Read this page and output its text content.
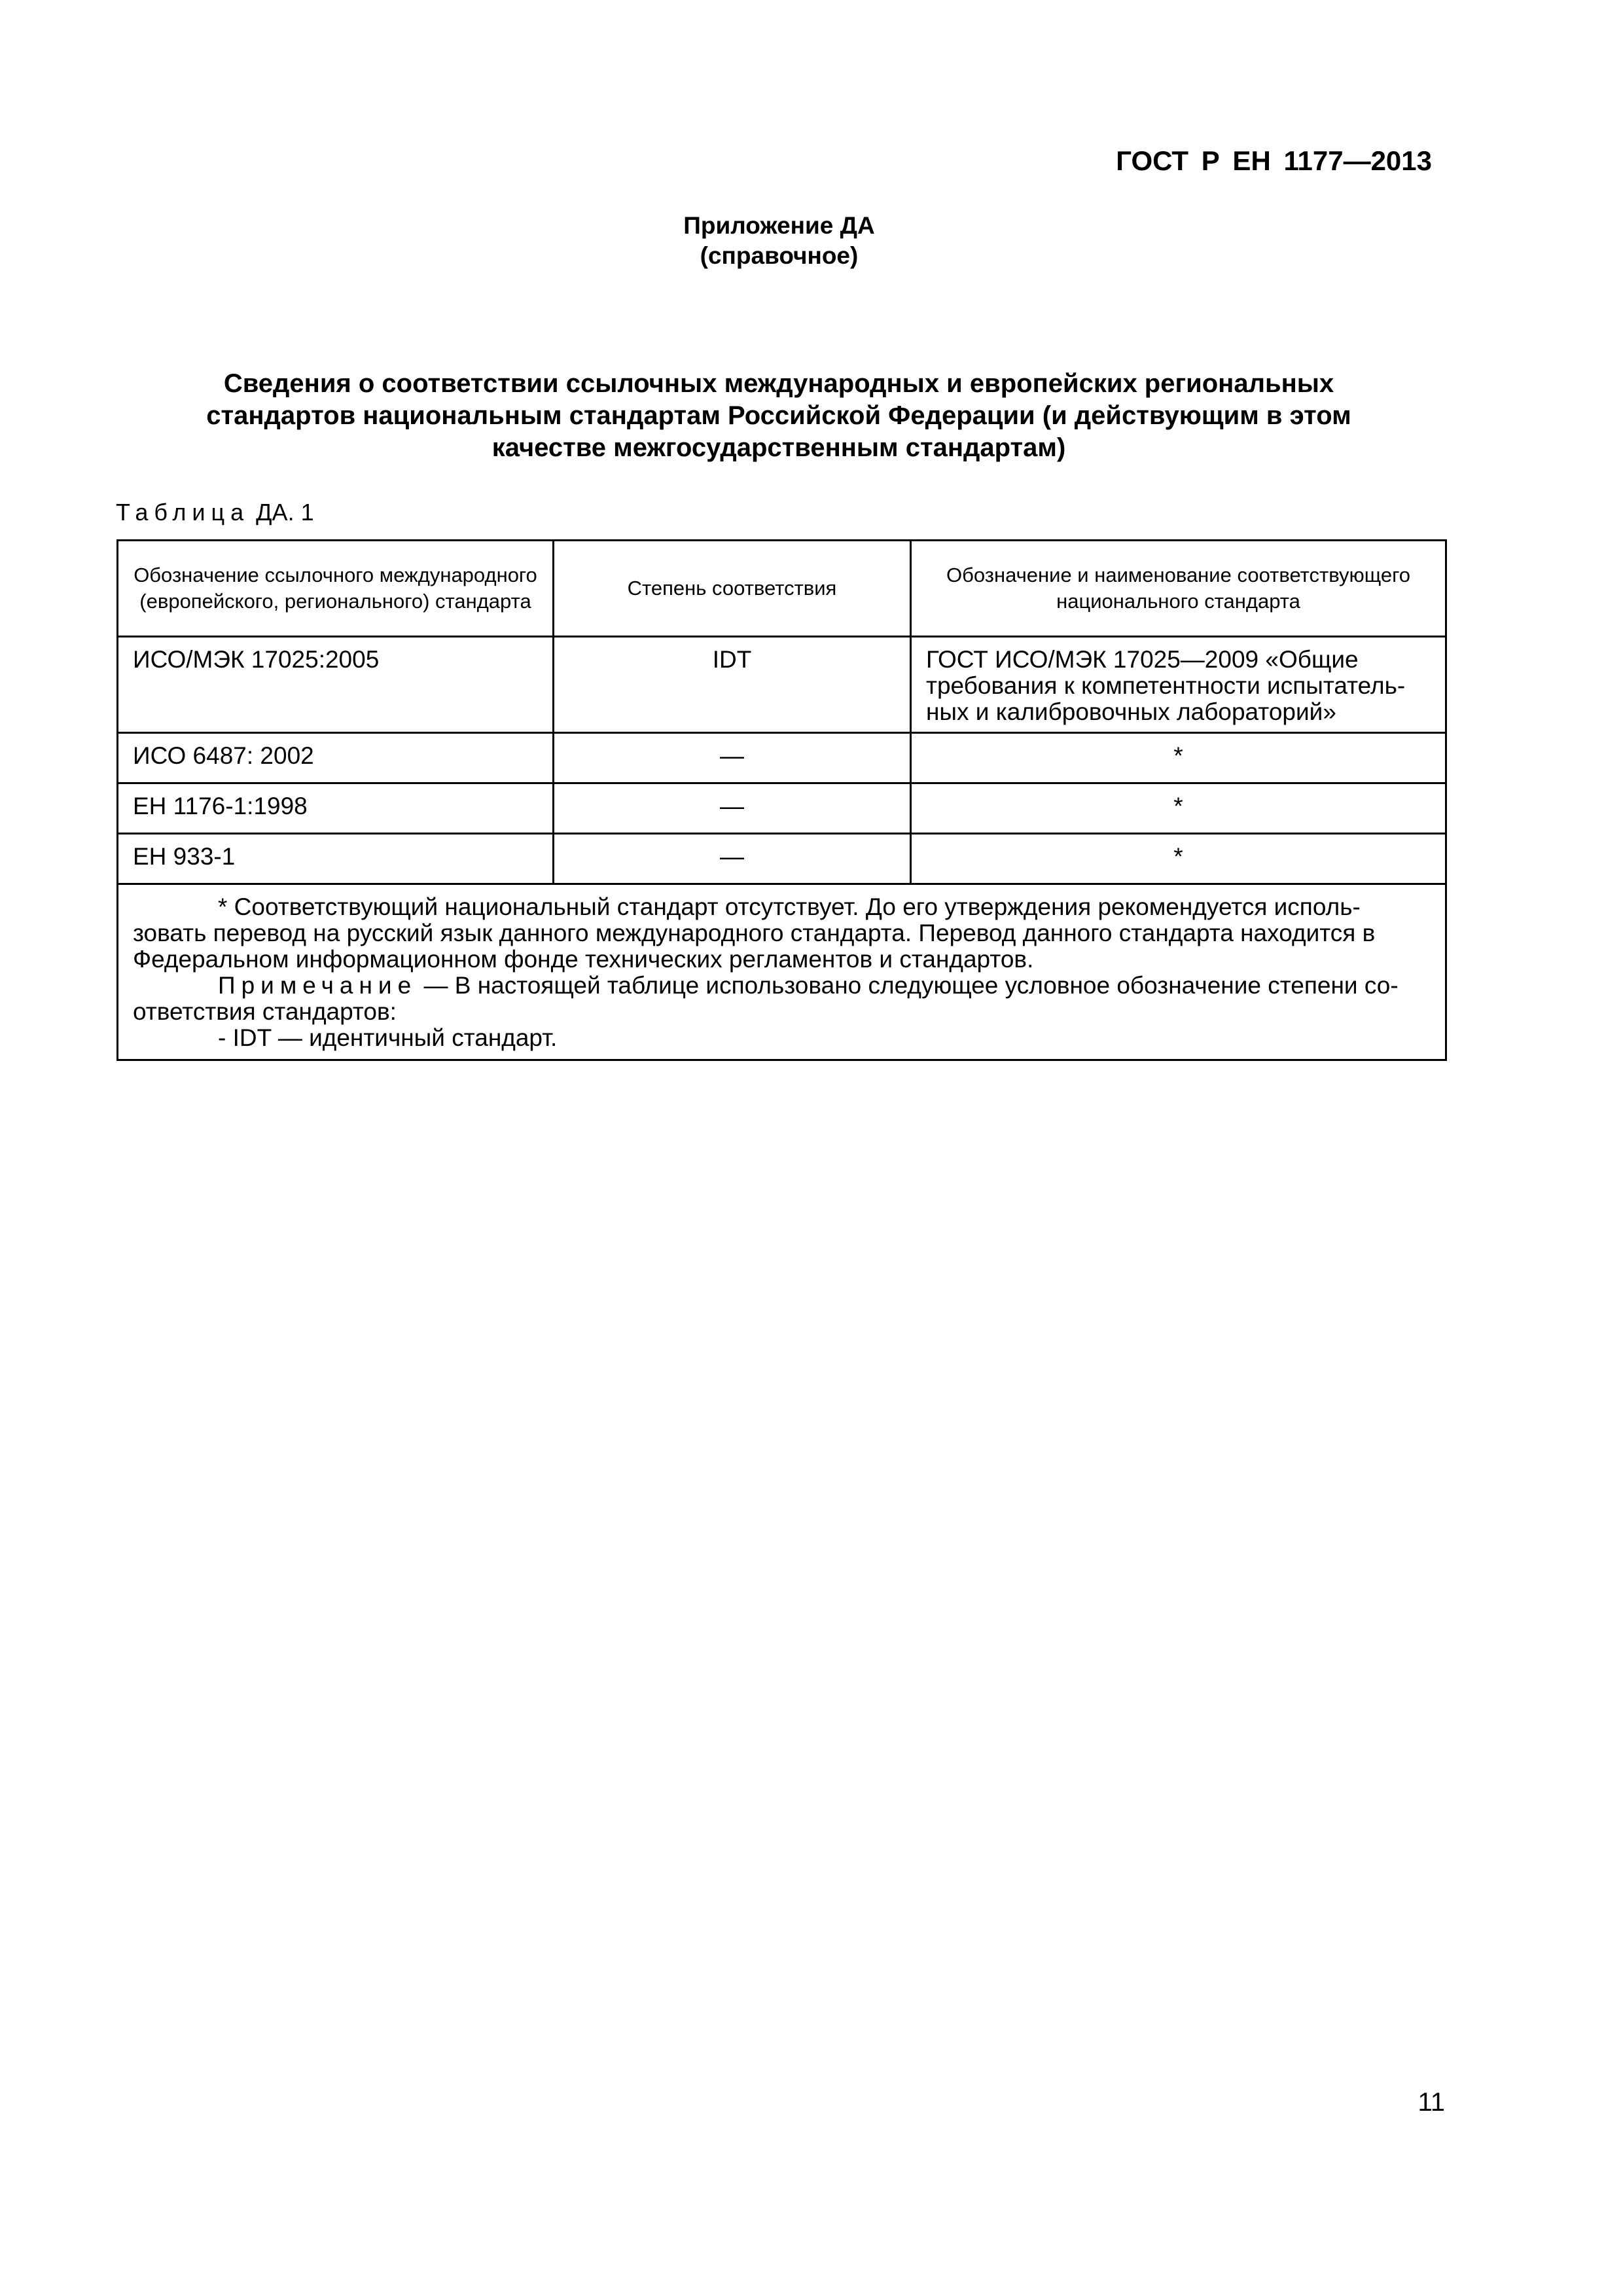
ГОСТ Р ЕН 1177—2013
Приложение ДА
(справочное)
Сведения о соответствии ссылочных международных и европейских региональных
стандартов национальным стандартам Российской Федерации (и действующим в этом
качестве межгосударственным стандартам)
Таблица ДА. 1
Обозначение ссылочного международного (европейского, регионального) стандарта	Степень соответствия	Обозначение и наименование соответствующего национального стандарта
ИСО/МЭК 17025:2005	IDT	ГОСТ ИСО/МЭК 17025—2009 «Общие требования к компетентности испытатель-ных и калибровочных лабораторий»
ИСО 6487: 2002	—	*
ЕН 1176-1:1998	—	*
ЕН 933-1	—	*

* Соответствующий национальный стандарт отсутствует. До его утверждения рекомендуется исполь-зовать перевод на русский язык данного международного стандарта. Перевод данного стандарта находится в Федеральном информационном фонде технических регламентов и стандартов.
Примечание — В настоящей таблице использовано следующее условное обозначение степени со-ответствия стандартов:
- IDT — идентичный стандарт.		
11
